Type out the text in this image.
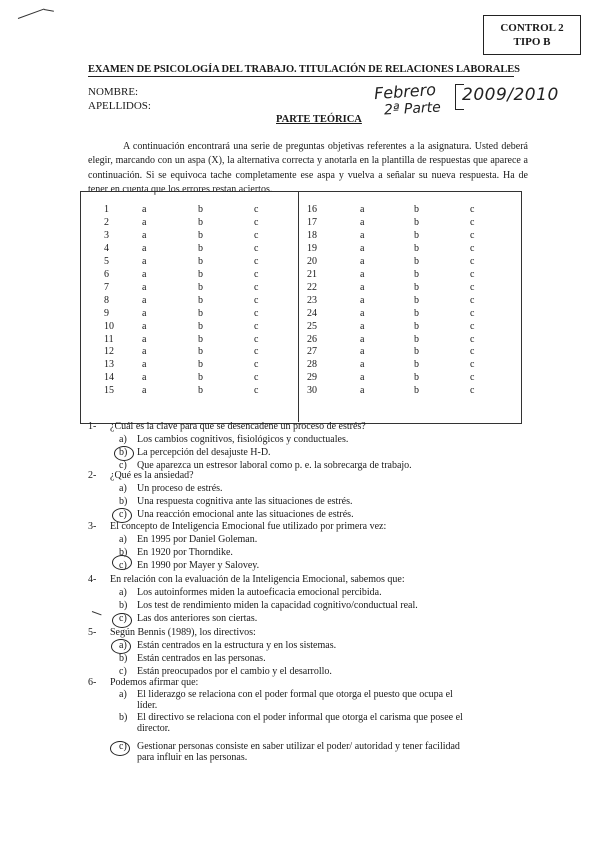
CONTROL 2
TIPO B
EXAMEN DE PSICOLOGÍA DEL TRABAJO. TITULACIÓN DE RELACIONES LABORALES
NOMBRE:
APELLIDOS:
Febrero
2ª Parte
2009/2010
PARTE TEÓRICA

A continuación encontrará una serie de preguntas objetivas referentes a la asignatura. Usted deberá elegir, marcando con un aspa (X), la alternativa correcta y anotarla en la plantilla de respuestas que aparece a continuación. Si se equivoca tache completamente ese aspa y vuelva a señalar su nueva respuesta. Ha de tener en cuenta que los errores restan aciertos.

1	a	b	c
2	a	b	c
3	a	b	c
4	a	b	c
5	a	b	c
6	a	b	c
7	a	b	c
8	a	b	c
9	a	b	c
10	a	b	c
11	a	b	c
12	a	b	c
13	a	b	c
14	a	b	c
15	a	b	c
16	a	b	c
17	a	b	c
18	a	b	c
19	a	b	c
20	a	b	c
21	a	b	c
22	a	b	c
23	a	b	c
24	a	b	c
25	a	b	c
26	a	b	c
27	a	b	c
28	a	b	c
29	a	b	c
30	a	b	c
1- ¿Cuál es la clave para que se desencadene un proceso de estrés?
a) Los cambios cognitivos, fisiológicos y conductuales.
b) La percepción del desajuste H-D.
c) Que aparezca un estresor laboral como p. e. la sobrecarga de trabajo.
2- ¿Qué es la ansiedad?
a) Un proceso de estrés.
b) Una respuesta cognitiva ante las situaciones de estrés.
c) Una reacción emocional ante las situaciones de estrés.
3- El concepto de Inteligencia Emocional fue utilizado por primera vez:
a) En 1995 por Daniel Goleman.
b) En 1920 por Thorndike.
c) En 1990 por Mayer y Salovey.
4- En relación con la evaluación de la Inteligencia Emocional, sabemos que:
a) Los autoinformes miden la autoeficacia emocional percibida.
b) Los test de rendimiento miden la capacidad cognitivo/conductual real.
c) Las dos anteriores son ciertas.
5- Según Bennis (1989), los directivos:
a) Están centrados en la estructura y en los sistemas.
b) Están centrados en las personas.
c) Están preocupados por el cambio y el desarrollo.
6- Podemos afirmar que:
a) El liderazgo se relaciona con el poder formal que otorga el puesto que ocupa el
líder.
b) El directivo se relaciona con el poder informal que otorga el carisma que posee el
director.
c) Gestionar personas consiste en saber utilizar el poder/ autoridad y tener facilidad
para influir en las personas.
